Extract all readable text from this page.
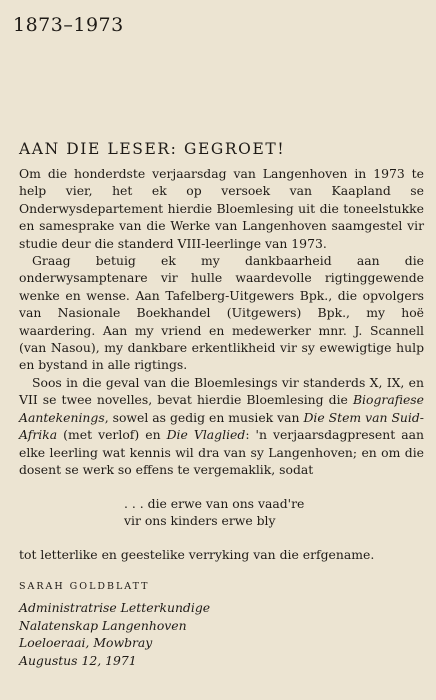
1873–1973

AAN DIE LESER: GEGROET!

Om die honderdste verjaarsdag van Langenhoven in 1973 te help vier, het ek op versoek van Kaapland se Onderwysdepartement hierdie Bloemlesing uit die toneelstukke en samesprake van die Werke van Langenhoven saamgestel vir studie deur die standerd VIII-leerlinge van 1973.

Graag betuig ek my dankbaarheid aan die onderwysamptenare vir hulle waardevolle rigtinggewende wenke en wense. Aan Tafelberg-Uitgewers Bpk., die opvolgers van Nasionale Boekhandel (Uitgewers) Bpk., my hoë waardering. Aan my vriend en medewerker mnr. J. Scannell (van Nasou), my dankbare erkentlikheid vir sy ewewigtige hulp en bystand in alle rigtings.

Soos in die geval van die Bloemlesings vir standerds X, IX, en VII se twee novelles, bevat hierdie Bloemlesing die Biografiese Aantekenings, sowel as gedig en musiek van Die Stem van Suid-Afrika (met verlof) en Die Vlaglied: 'n verjaarsdagpresent aan elke leerling wat kennis wil dra van sy Langenhoven; en om die dosent se werk so effens te vergemaklik, sodat

. . . die erwe van ons vaad're
vir ons kinders erwe bly

tot letterlike en geestelike verryking van die erfgename.

SARAH GOLDBLATT

Administratrise Letterkundige
Nalatenskap Langenhoven
Loeloeraai, Mowbray
Augustus 12, 1971
